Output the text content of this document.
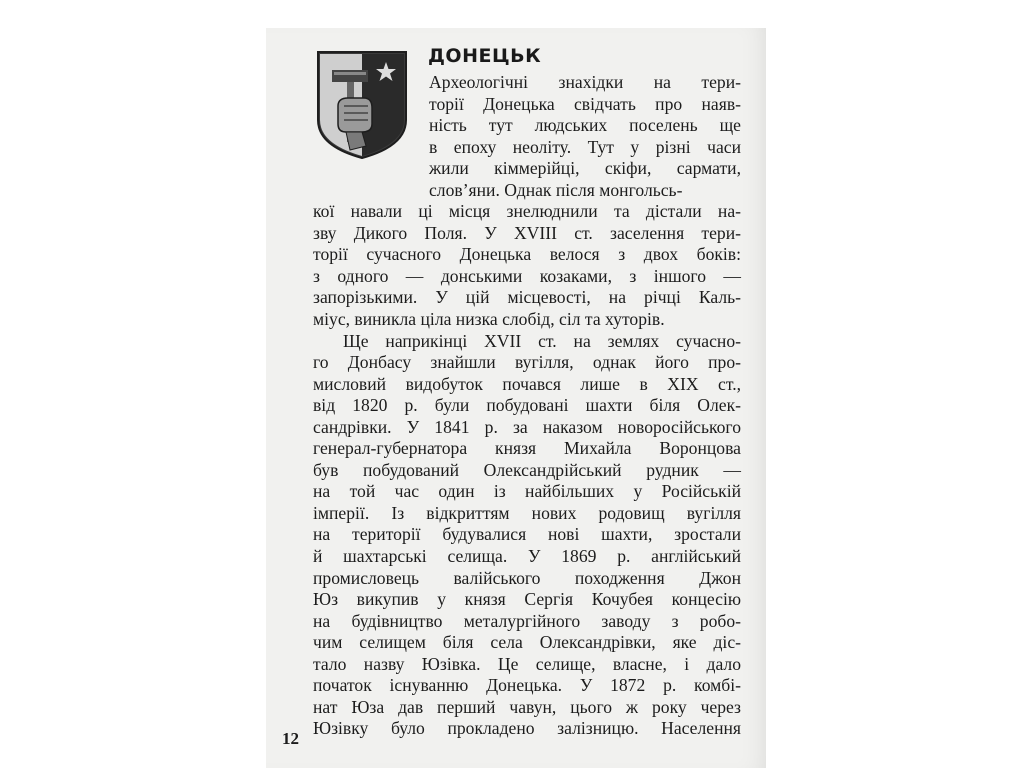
ДОНЕЦЬК
Археологічні знахідки на тери-
торії Донецька свідчать про наяв-
ність тут людських поселень ще
в епоху неоліту. Тут у різні часи
жили кіммерійці, скіфи, сармати,
слов’яни. Однак після монгольсь-
кої навали ці місця знелюднили та дістали на-
зву Дикого Поля. У XVIII ст. заселення тери-
торії сучасного Донецька велося з двох боків:
з одного — донськими козаками, з іншого —
запорізькими. У цій місцевості, на річці Каль-
міус, виникла ціла низка слобід, сіл та хуторів.
Ще наприкінці XVII ст. на землях сучасно-
го Донбасу знайшли вугілля, однак його про-
мисловий видобуток почався лише в XIX ст.,
від 1820 р. були побудовані шахти біля Олек-
сандрівки. У 1841 р. за наказом новоросійського
генерал-губернатора князя Михайла Воронцова
був побудований Олександрійський рудник —
на той час один із найбільших у Російській
імперії. Із відкриттям нових родовищ вугілля
на території будувалися нові шахти, зростали
й шахтарські селища. У 1869 р. англійський
промисловець валійського походження Джон
Юз викупив у князя Сергія Кочубея концесію
на будівництво металургійного заводу з робо-
чим селищем біля села Олександрівки, яке діс-
тало назву Юзівка. Це селище, власне, і дало
початок існуванню Донецька. У 1872 р. комбі-
нат Юза дав перший чавун, цього ж року через
Юзівку було прокладено залізницю. Населення
12
